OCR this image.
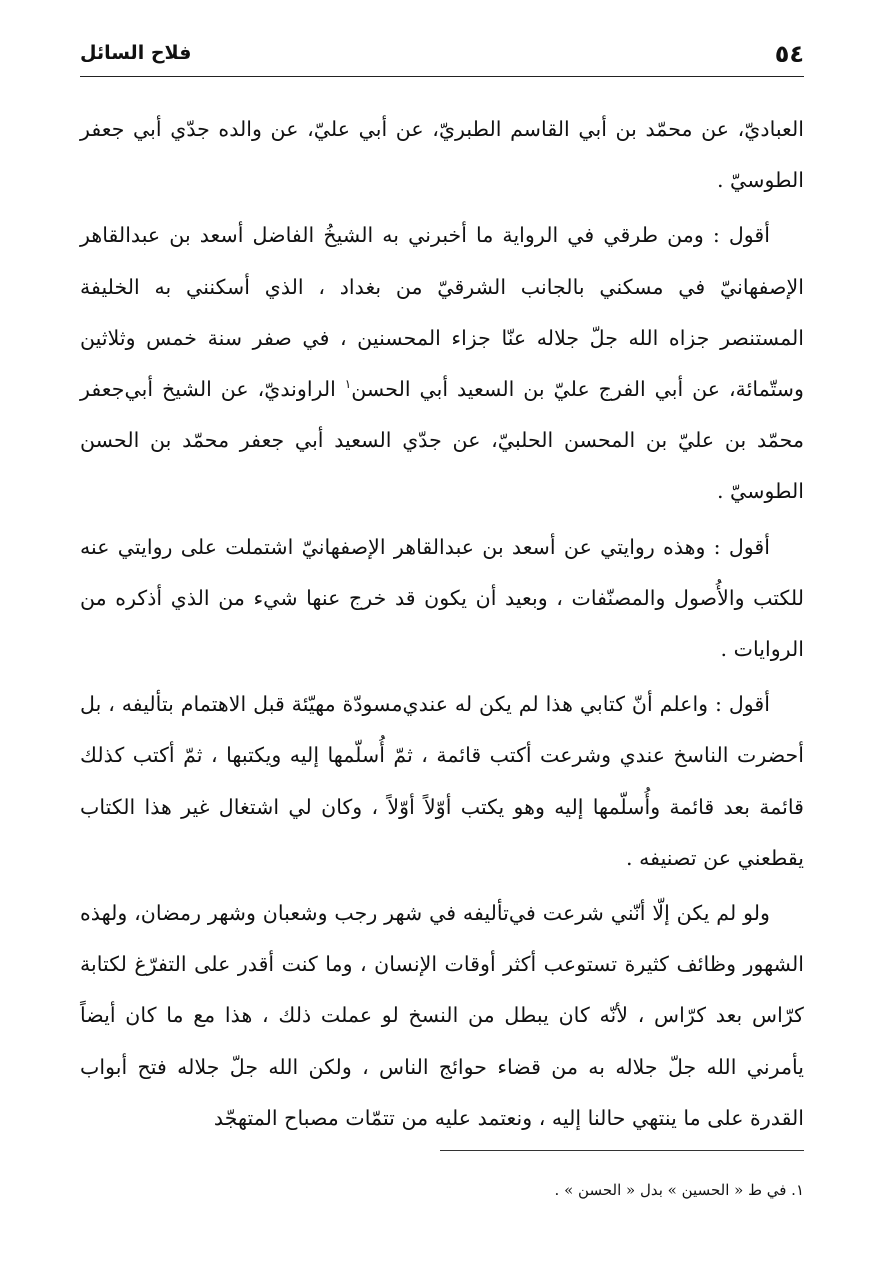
٥٤
فلاح السائل

العباديّ، عن محمّد بن أبي القاسم الطبريّ، عن أبي عليّ، عن والده جدّي أبي جعفر الطوسيّ .

أقول : ومن طرقي في الرواية ما أخبرني به الشيخُ الفاضل أسعد بن عبدالقاهر الإصفهانيّ في مسكني بالجانب الشرقيّ من بغداد ، الذي أسكنني به الخليفة المستنصر جزاه الله جلّ جلاله عنّا جزاء المحسنين ، في صفر سنة خمس وثلاثين وستّمائة، عن أبي الفرج عليّ بن السعيد أبي الحسن$^١$ الراونديّ، عن الشيخ أبي‌جعفر محمّد بن عليّ بن المحسن الحلبيّ، عن جدّي السعيد أبي جعفر محمّد بن الحسن الطوسيّ .

أقول : وهذه روايتي عن أسعد بن عبدالقاهر الإصفهانيّ اشتملت على روايتي عنه للكتب والأُصول والمصنّفات ، وبعيد أن يكون قد خرج عنها شيء من الذي أذكره من الروايات .

أقول : واعلم أنّ كتابي هذا لم يكن له عندي‌مسودّة مهيّئة قبل الاهتمام بتأليفه ، بل أحضرت الناسخ عندي وشرعت أكتب قائمة ، ثمّ أُسلّمها إليه ويكتبها ، ثمّ أكتب كذلك قائمة بعد قائمة وأُسلّمها إليه وهو يكتب أوّلاً أوّلاً ، وكان لي اشتغال غير هذا الكتاب يقطعني عن تصنيفه .

ولو لم يكن إلّا أنّني شرعت في‌تأليفه في شهر رجب وشعبان وشهر رمضان، ولهذه الشهور وظائف كثيرة تستوعب أكثر أوقات الإنسان ، وما كنت أقدر على التفرّغ لكتابة كرّاس بعد كرّاس ، لأنّه كان يبطل من النسخ لو عملت ذلك ، هذا مع ما كان أيضاً يأمرني الله جلّ جلاله به من قضاء حوائج الناس ، ولكن الله جلّ جلاله فتح أبواب القدرة على ما ينتهي حالنا إليه ، ونعتمد عليه من تتمّات مصباح المتهجّد

١. في ط « الحسين » بدل « الحسن » .
